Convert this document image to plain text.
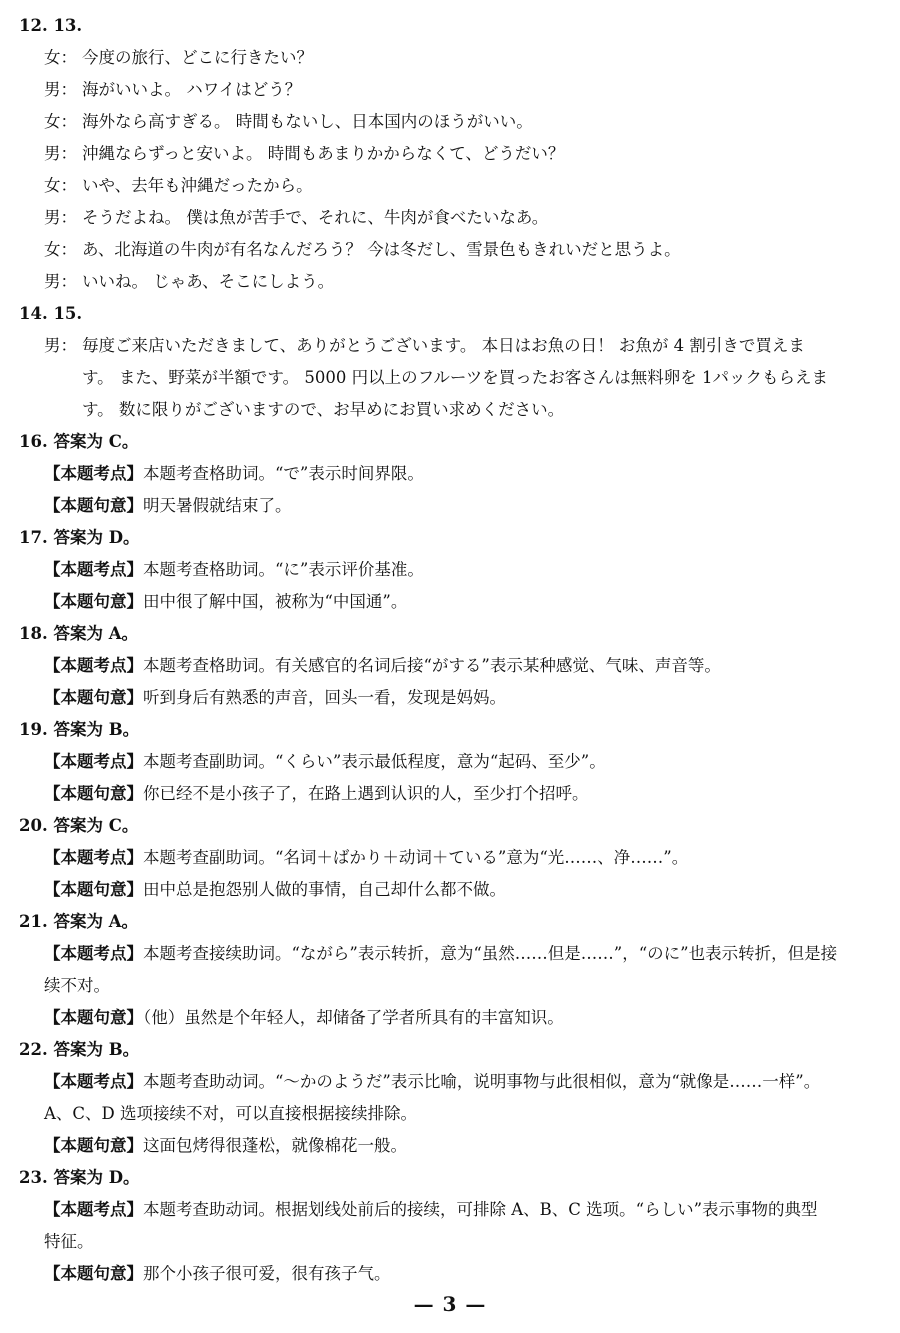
12. 13.
女： 今度の旅行、どこに行きたい？
男： 海がいいよ。 ハワイはどう？
女： 海外なら高すぎる。 時間もないし、日本国内のほうがいい。
男： 沖縄ならずっと安いよ。 時間もあまりかからなくて、どうだい？
女： いや、去年も沖縄だったから。
男： そうだよね。 僕は魚が苦手で、それに、牛肉が食べたいなあ。
女： あ、北海道の牛肉が有名なんだろう？ 今は冬だし、雪景色もきれいだと思うよ。
男： いいね。 じゃあ、そこにしよう。
14. 15.
男： 毎度ご来店いただきまして、ありがとうございます。 本日はお魚の日！ お魚が 4 割引きで買えま
す。 また、野菜が半額です。 5000 円以上のフルーツを買ったお客さんは無料卵を 1パックもらえま
す。 数に限りがございますので、お早めにお買い求めください。
16. 答案为 C。
【本题考点】本题考查格助词。“で”表示时间界限。
【本题句意】明天暑假就结束了。
17. 答案为 D。
【本题考点】本题考查格助词。“に”表示评价基准。
【本题句意】田中很了解中国，被称为“中国通”。
18. 答案为 A。
【本题考点】本题考查格助词。有关感官的名词后接“がする”表示某种感觉、气味、声音等。
【本题句意】听到身后有熟悉的声音，回头一看，发现是妈妈。
19. 答案为 B。
【本题考点】本题考查副助词。“くらい”表示最低程度，意为“起码、至少”。
【本题句意】你已经不是小孩子了，在路上遇到认识的人，至少打个招呼。
20. 答案为 C。
【本题考点】本题考查副助词。“名词＋ばかり＋动词＋ている”意为“光……、净……”。
【本题句意】田中总是抱怨别人做的事情，自己却什么都不做。
21. 答案为 A。
【本题考点】本题考查接续助词。“ながら”表示转折，意为“虽然……但是……”，“のに”也表示转折，但是接
续不对。
【本题句意】（他）虽然是个年轻人，却储备了学者所具有的丰富知识。
22. 答案为 B。
【本题考点】本题考查助动词。“～かのようだ”表示比喻，说明事物与此很相似，意为“就像是……一样”。
A、C、D 选项接续不对，可以直接根据接续排除。
【本题句意】这面包烤得很蓬松，就像棉花一般。
23. 答案为 D。
【本题考点】本题考查助动词。根据划线处前后的接续，可排除 A、B、C 选项。“らしい”表示事物的典型
特征。
【本题句意】那个小孩子很可爱，很有孩子气。
— 3 —
